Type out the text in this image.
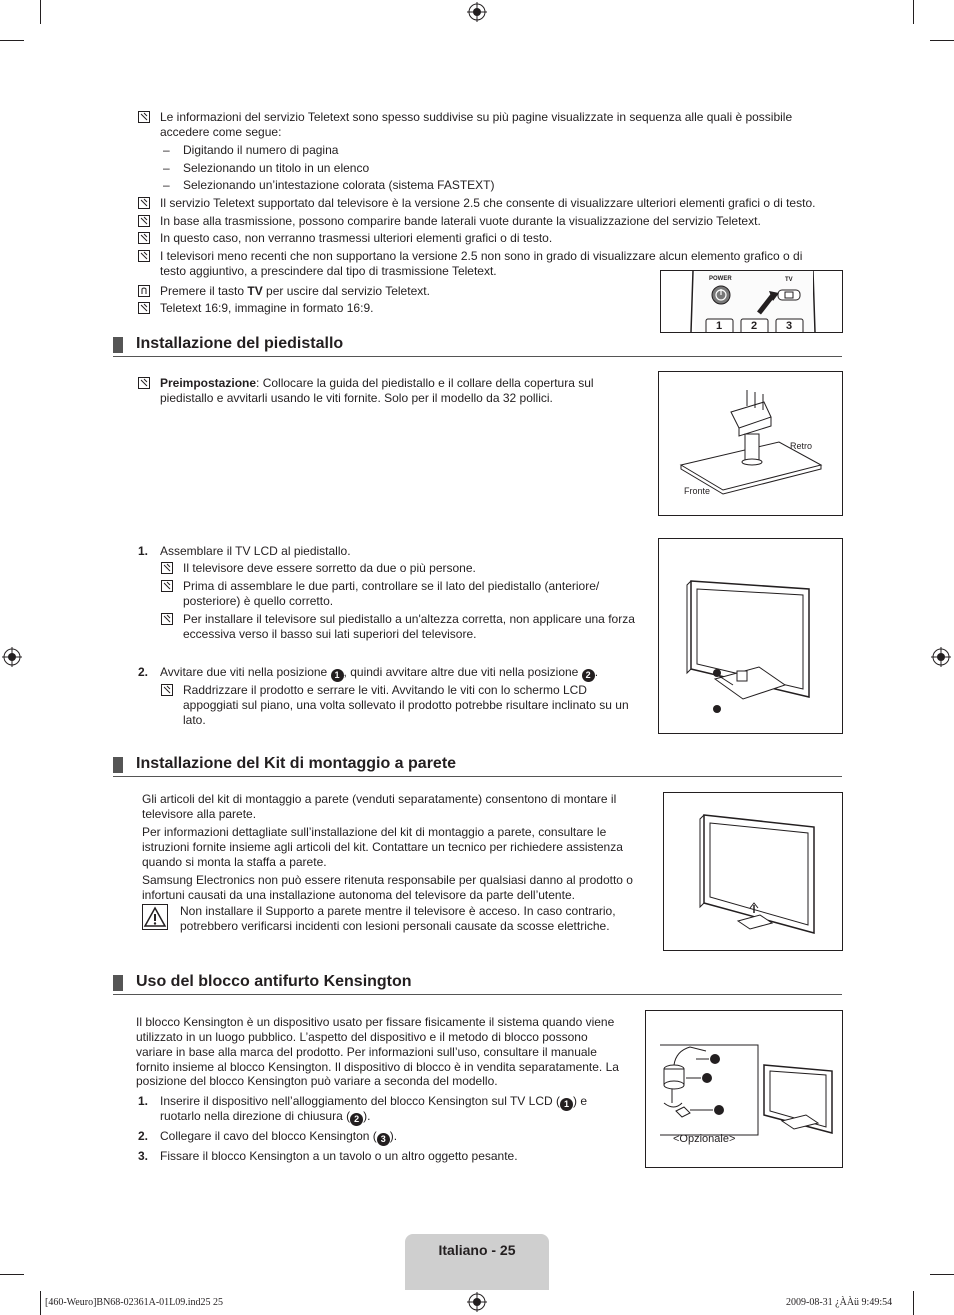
Le informazioni del servizio Teletext sono spesso suddivise su più pagine visualizzate in sequenza alle quali è possibile
accedere come segue:
– Digitando il numero di pagina
– Selezionando un titolo in un elenco
– Selezionando un’intestazione colorata (sistema FASTEXT)
Il servizio Teletext supportato dal televisore è la versione 2.5 che consente di visualizzare ulteriori elementi grafici o di testo.
In base alla trasmissione, possono comparire bande laterali vuote durante la visualizzazione del servizio Teletext.
In questo caso, non verranno trasmessi ulteriori elementi grafici o di testo.
I televisori meno recenti che non supportano la versione 2.5 non sono in grado di visualizzare alcun elemento grafico o di
testo aggiuntivo, a prescindere dal tipo di trasmissione Teletext.
Premere il tasto TV per uscire dal servizio Teletext.
Teletext 16:9, immagine in formato 16:9.
POWER	TV
1	2	3
Installazione del piedistallo
Preimpostazione: Collocare la guida del piedistallo e il collare della copertura sul
piedistallo e avvitarli usando le viti fornite. Solo per il modello da 32 pollici.
Retro
Fronte
1. Assemblare il TV LCD al piedistallo.
Il televisore deve essere sorretto da due o più persone.
Prima di assemblare le due parti, controllare se il lato del piedistallo (anteriore/
posteriore) è quello corretto.
Per installare il televisore sul piedistallo a un'altezza corretta, non applicare una forza
eccessiva verso il basso sui lati superiori del televisore.
2. Avvitare due viti nella posizione 1 , quindi avvitare altre due viti nella posizione 2 .
Raddrizzare il prodotto e serrare le viti. Avvitando le viti con lo schermo LCD
appoggiati sul piano, una volta sollevato il prodotto potrebbe risultare inclinato su un
lato.
Installazione del Kit di montaggio a parete
Gli articoli del kit di montaggio a parete (venduti separatamente) consentono di montare il
televisore alla parete.
Per informazioni dettagliate sull’installazione del kit di montaggio a parete, consultare le
istruzioni fornite insieme agli articoli del kit. Contattare un tecnico per richiedere assistenza
quando si monta la staffa a parete.
Samsung Electronics non può essere ritenuta responsabile per qualsiasi danno al prodotto o
infortuni causati da una installazione autonoma del televisore da parte dell’utente.
Non installare il Supporto a parete mentre il televisore è acceso. In caso contrario,
potrebbero verificarsi incidenti con lesioni personali causate da scosse elettriche.
Uso del blocco antifurto Kensington
Il blocco Kensington è un dispositivo usato per fissare fisicamente il sistema quando viene
utilizzato in un luogo pubblico. L’aspetto del dispositivo e il metodo di blocco possono
variare in base alla marca del prodotto. Per informazioni sull’uso, consultare il manuale
fornito insieme al blocco Kensington. Il dispositivo di blocco è in vendita separatamente. La
posizione del blocco Kensington può variare a seconda del modello.
1. Inserire il dispositivo nell’alloggiamento del blocco Kensington sul TV LCD ( 1 ) e
ruotarlo nella direzione di chiusura ( 2 ).
2. Collegare il cavo del blocco Kensington ( 3 ).
3. Fissare il blocco Kensington a un tavolo o un altro oggetto pesante.
<Opzionale>
Italiano - 25
[460-Weuro]BN68-02361A-01L09.ind25 25	2009-08-31 ¿ÀÀü 9:49:54
